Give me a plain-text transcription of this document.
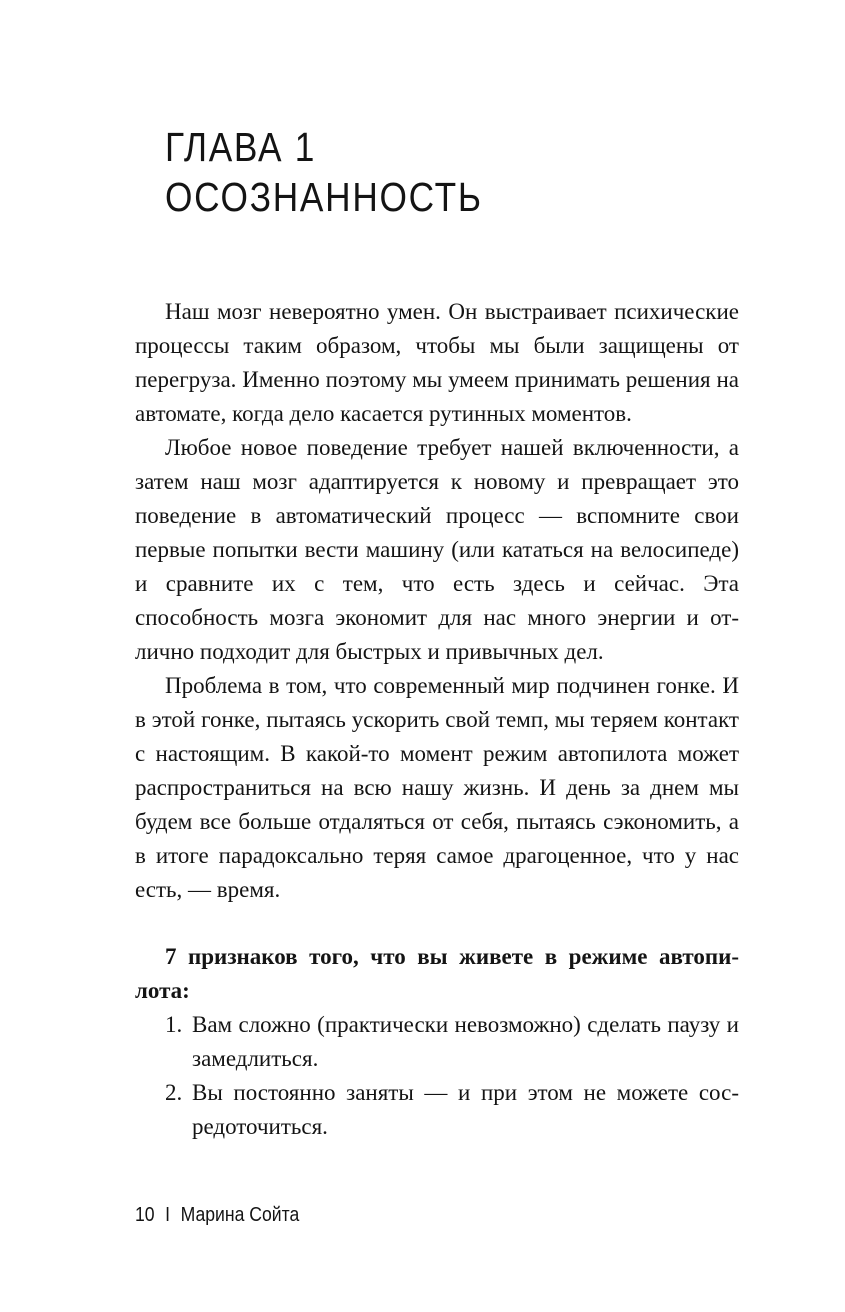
ГЛАВА 1
ОСОЗНАННОСТЬ

Наш мозг невероятно умен. Он выстраивает психические процессы таким образом, чтобы мы были защищены от перегруза. Именно поэтому мы умеем принимать решения на автомате, когда дело касается рутинных моментов.

Любое новое поведение требует нашей включенности, а затем наш мозг адаптируется к новому и превращает это поведение в автоматический процесс — вспомните свои первые попытки вести машину (или кататься на велосипеде) и сравните их с тем, что есть здесь и сейчас. Эта способность мозга экономит для нас много энергии и отлично подходит для быстрых и привычных дел.

Проблема в том, что современный мир подчинен гонке. И в этой гонке, пытаясь ускорить свой темп, мы теряем контакт с настоящим. В какой-то момент режим автопилота может распространиться на всю нашу жизнь. И день за днем мы будем все больше отдаляться от себя, пытаясь сэкономить, а в итоге парадоксально теряя самое драгоценное, что у нас есть, — время.

7 признаков того, что вы живете в режиме автопилота:

1. Вам сложно (практически невозможно) сделать паузу и замедлиться.
2. Вы постоянно заняты — и при этом не можете сосредоточиться.
10 I Марина Сойта
